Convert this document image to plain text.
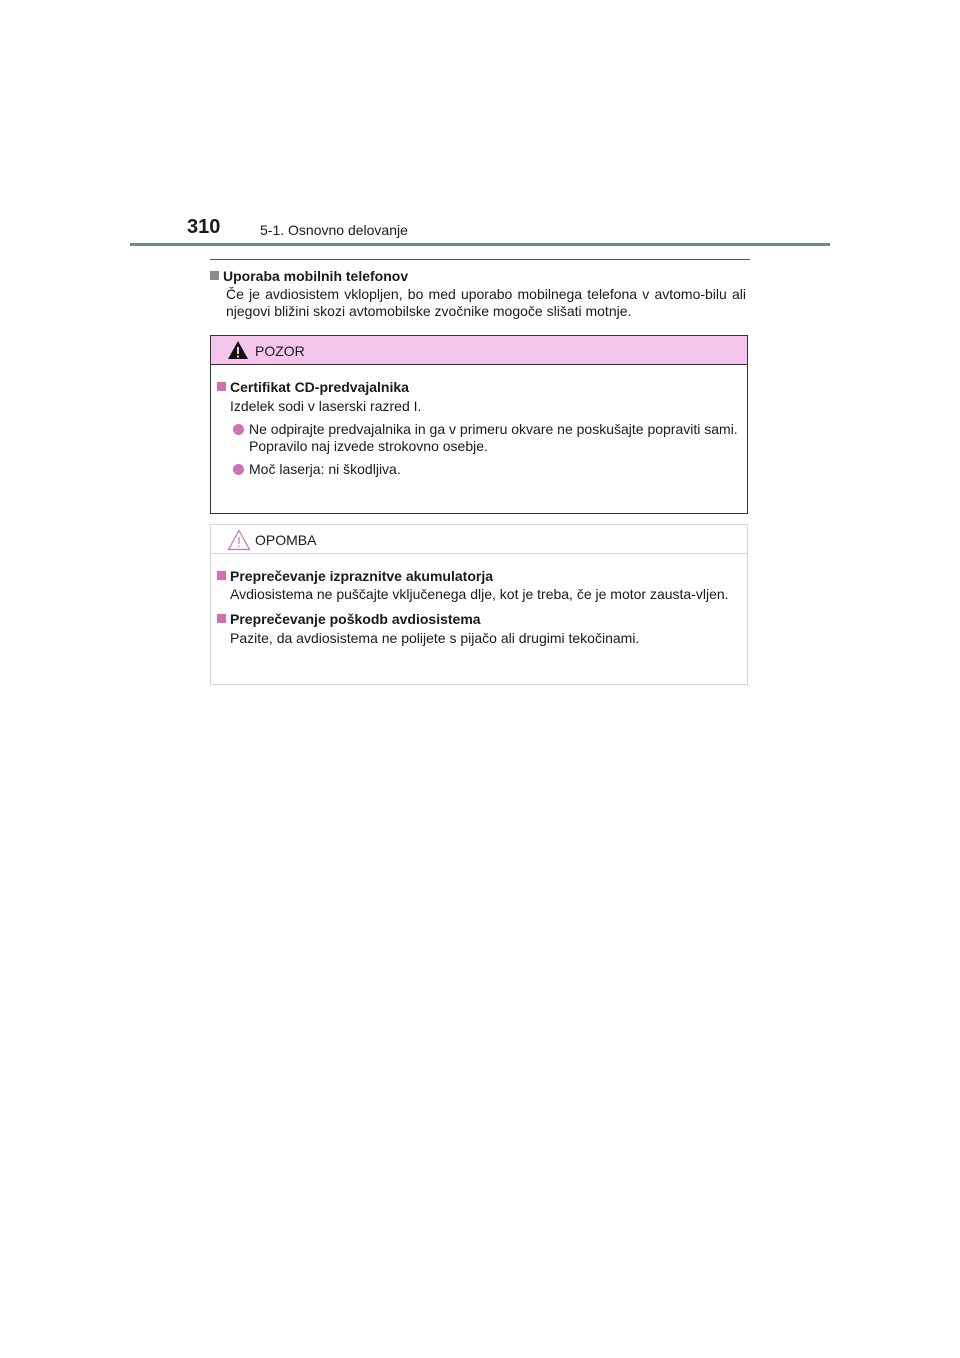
310	5-1. Osnovno delovanje
Uporaba mobilnih telefonov
Če je avdiosistem vklopljen, bo med uporabo mobilnega telefona v avtomo-bilu ali njegovi bližini skozi avtomobilske zvočnike mogoče slišati motnje.
POZOR
Certifikat CD-predvajalnika
Izdelek sodi v laserski razred I.
Ne odpirajte predvajalnika in ga v primeru okvare ne poskušajte popraviti sami.
Popravilo naj izvede strokovno osebje.
Moč laserja: ni škodljiva.
OPOMBA
Preprečevanje izpraznitve akumulatorja
Avdiosistema ne puščajte vključenega dlje, kot je treba, če je motor zausta-vljen.
Preprečevanje poškodb avdiosistema
Pazite, da avdiosistema ne polijete s pijačo ali drugimi tekočinami.
